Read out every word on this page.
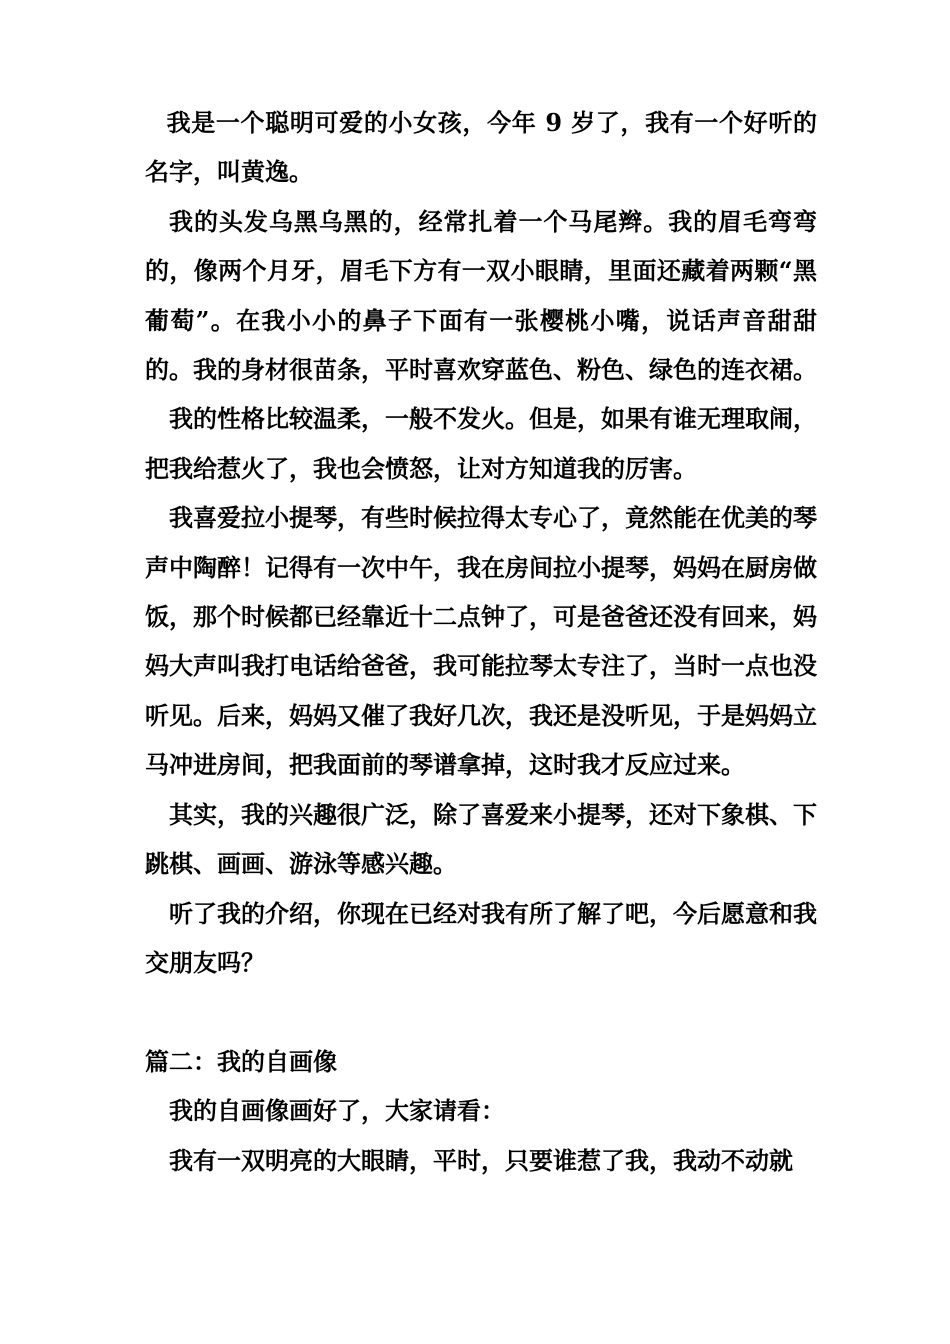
我是一个聪明可爱的小女孩，今年 9 岁了，我有一个好听的名字，叫黄逸。

我的头发乌黑乌黑的，经常扎着一个马尾辫。我的眉毛弯弯的，像两个月牙，眉毛下方有一双小眼睛，里面还藏着两颗“黑葡萄”。在我小小的鼻子下面有一张樱桃小嘴，说话声音甜甜的。我的身材很苗条，平时喜欢穿蓝色、粉色、绿色的连衣裙。

我的性格比较温柔，一般不发火。但是，如果有谁无理取闹，把我给惹火了，我也会愤怒，让对方知道我的厉害。

我喜爱拉小提琴，有些时候拉得太专心了，竟然能在优美的琴声中陶醉！记得有一次中午，我在房间拉小提琴，妈妈在厨房做饭，那个时候都已经靠近十二点钟了，可是爸爸还没有回来，妈妈大声叫我打电话给爸爸，我可能拉琴太专注了，当时一点也没听见。后来，妈妈又催了我好几次，我还是没听见，于是妈妈立马冲进房间，把我面前的琴谱拿掉，这时我才反应过来。

其实，我的兴趣很广泛，除了喜爱来小提琴，还对下象棋、下跳棋、画画、游泳等感兴趣。

听了我的介绍，你现在已经对我有所了解了吧，今后愿意和我交朋友吗？

篇二：我的自画像

我的自画像画好了，大家请看：

我有一双明亮的大眼睛，平时，只要谁惹了我，我动不动就
